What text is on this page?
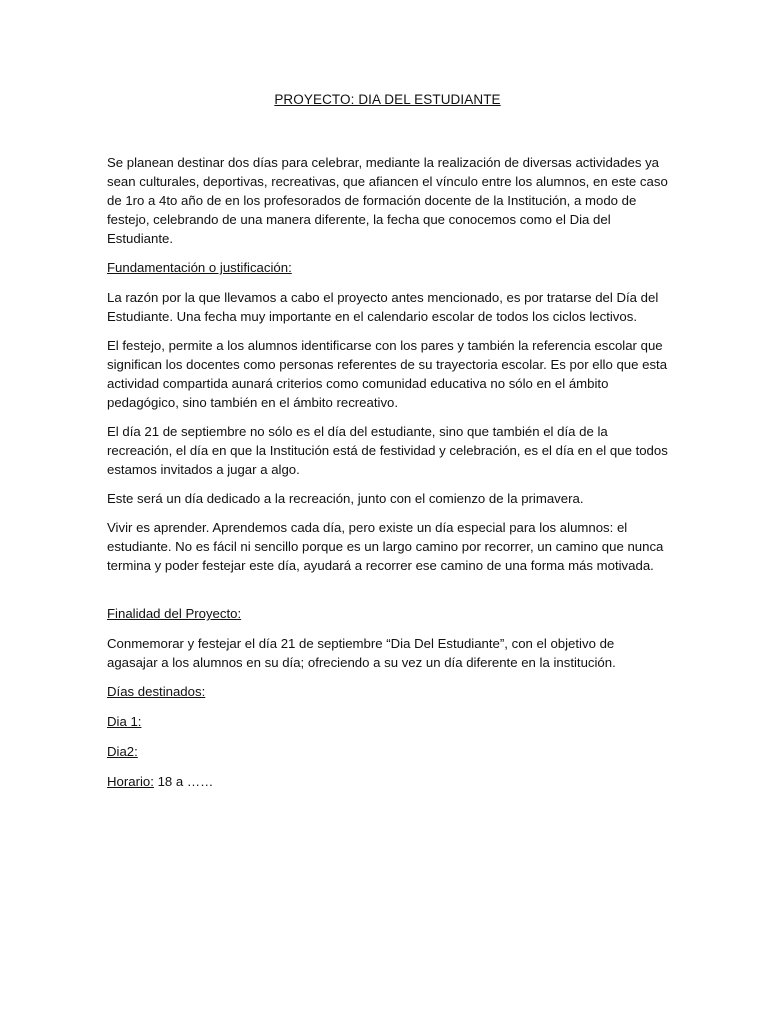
PROYECTO: DIA DEL ESTUDIANTE

Se planean destinar dos días para celebrar, mediante la realización de diversas actividades ya sean culturales, deportivas, recreativas, que afiancen el vínculo entre los alumnos, en este caso de 1ro a 4to año de en los profesorados de formación docente de la Institución, a modo de festejo, celebrando de una manera diferente, la fecha que conocemos como el Dia del Estudiante.

Fundamentación o justificación:

La razón por la que llevamos a cabo el proyecto antes mencionado, es por tratarse del Día del Estudiante. Una fecha muy importante en el calendario escolar de todos los ciclos lectivos.

El festejo, permite a los alumnos identificarse con los pares y también la referencia escolar que significan los docentes como personas referentes de su trayectoria escolar. Es por ello que esta actividad compartida aunará criterios como comunidad educativa no sólo en el ámbito pedagógico, sino también en el ámbito recreativo.

El día 21 de septiembre no sólo es el día del estudiante, sino que también el día de la recreación, el día en que la Institución está de festividad y celebración, es el día en el que todos estamos invitados a jugar a algo.

Este será un día dedicado a la recreación, junto con el comienzo de la primavera.

Vivir es aprender. Aprendemos cada día, pero existe un día especial para los alumnos: el estudiante. No es fácil ni sencillo porque es un largo camino por recorrer, un camino que nunca termina y poder festejar este día, ayudará a recorrer ese camino de una forma más motivada.

Finalidad del Proyecto:

Conmemorar y festejar el día 21 de septiembre “Dia Del Estudiante”, con el objetivo de agasajar a los alumnos en su día; ofreciendo a su vez un día diferente en la institución.

Días destinados:

Dia 1:

Dia2:

Horario: 18 a ……
